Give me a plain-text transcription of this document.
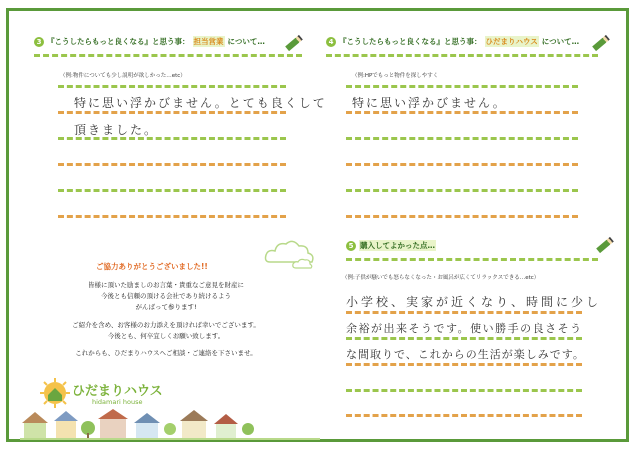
3 『こうしたらもっと良くなる』と思う事： 担当営業 について…
（例:物件についても少し説明が欲しかった…etc）
特に思い浮かびません。とても良くして
頂きました。
4 『こうしたらもっと良くなる』と思う事： ひだまりハウス について…
（例:HPでもっと物件を探しやすく
特に思い浮かびません。
5 購入してよかった点…
（例:子供が騒いでも怒らなくなった・お風呂が広くてリラックスできる…etc）
小学校、実家が近くなり、時間に少し
余裕が出来そうです。使い勝手の良さそう
な間取りで、これからの生活が楽しみです。
ご協力ありがとうございました!!
皆様に頂いた励ましのお言葉・貴重なご意見を財産に
今後とも信頼の頂ける会社であり続けるよう
がんばって参ります!
ご紹介を含め、お客様のお力添えを頂ければ幸いでございます。
今後とも、何卒宜しくお願い致します。
これからも、ひだまりハウスへご相談・ご連絡を下さいませ。
ひだまりハウス
hidamari house
